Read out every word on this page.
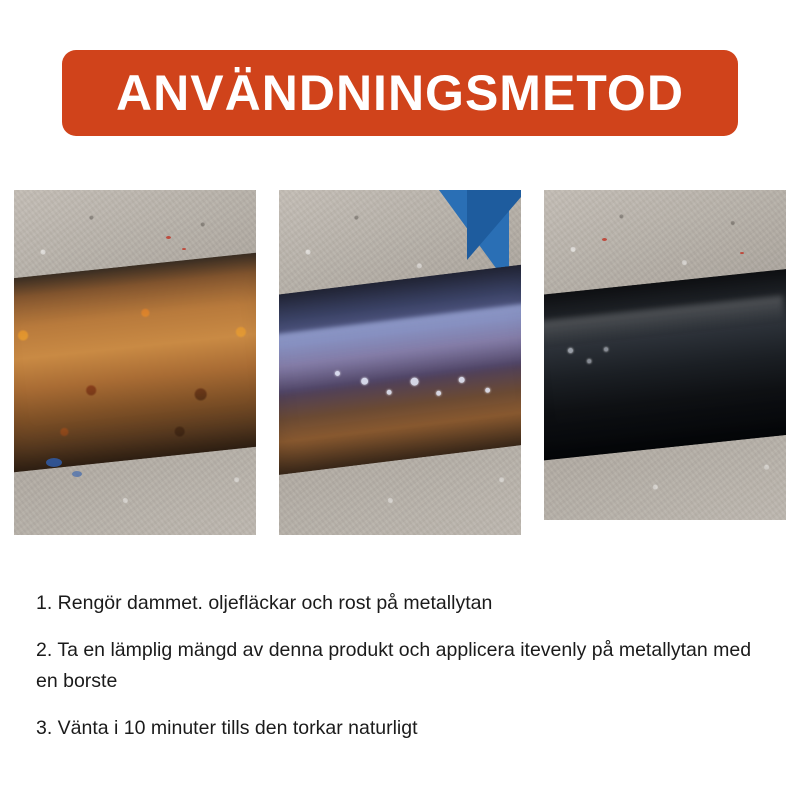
ANVÄNDNINGSMETOD
1. Rengör dammet. oljefläckar och rost på metallytan
2. Ta en lämplig mängd av denna produkt och applicera itevenly på metallytan med en borste
3. Vänta i 10 minuter tills den torkar naturligt
